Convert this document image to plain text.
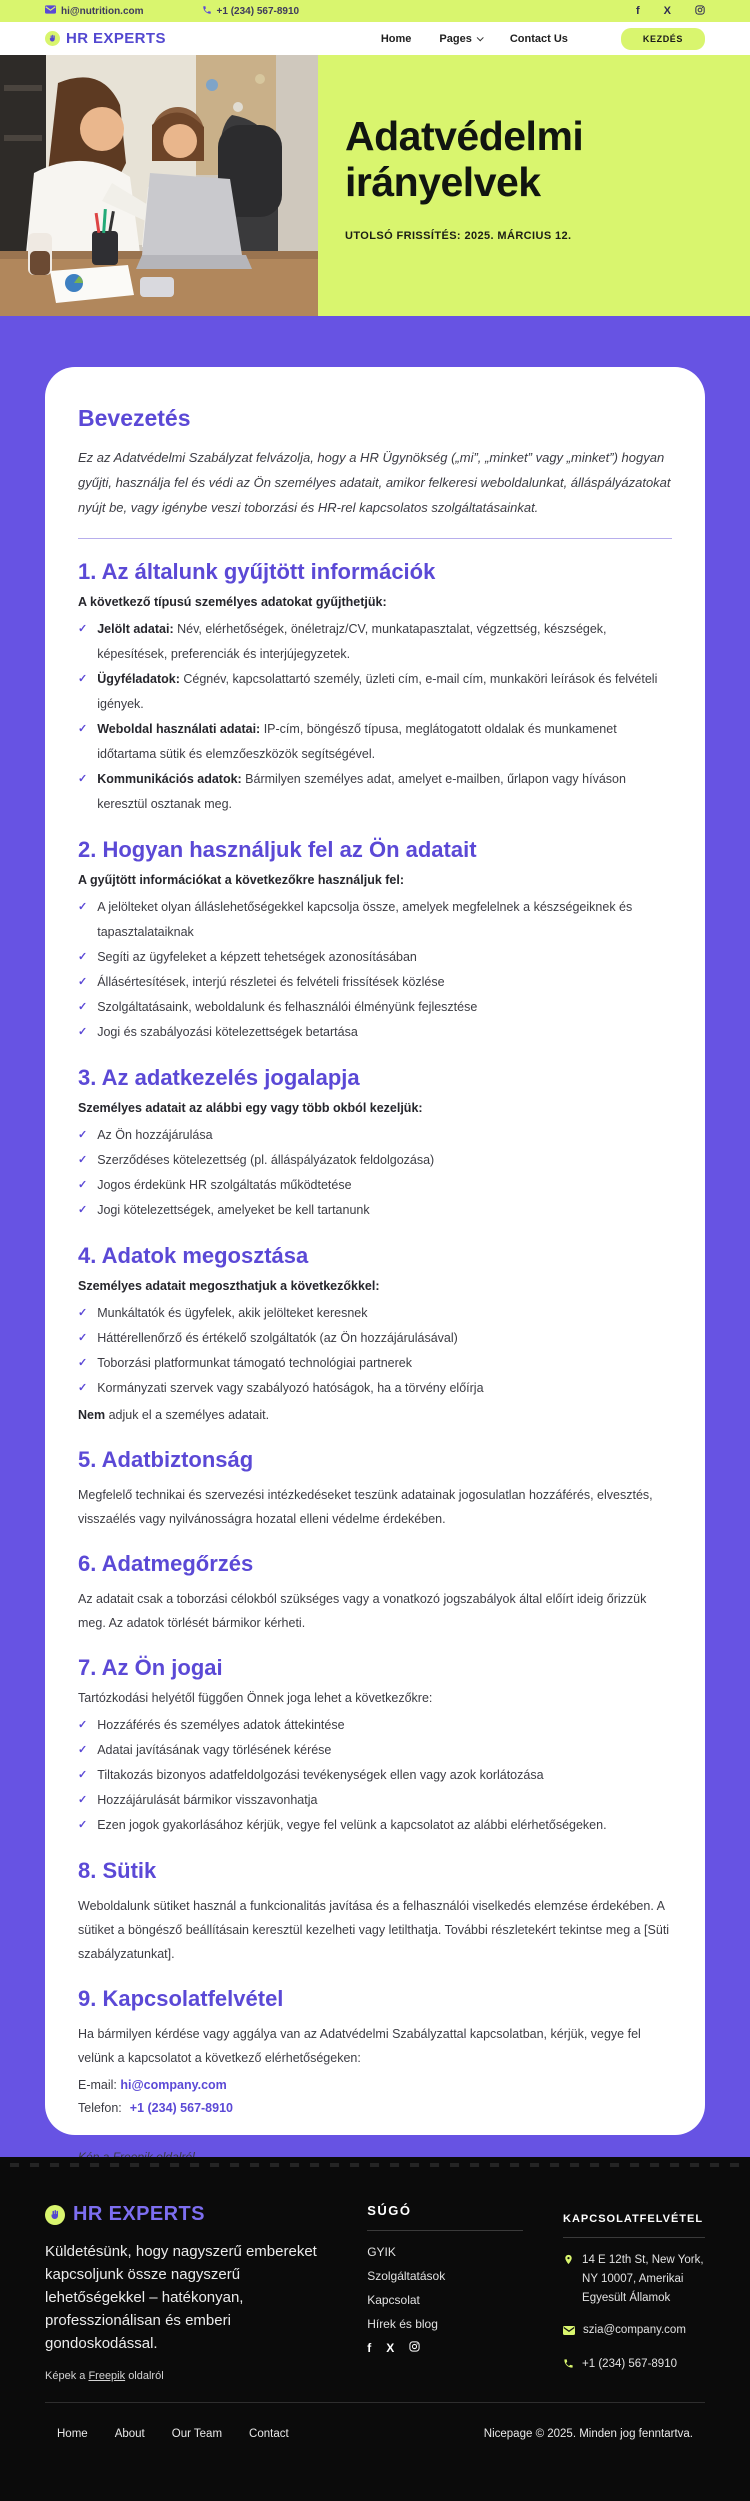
hi@nutrition.com	+1 (234) 567-8910	f X
HR EXPERTS	Home	Pages	Contact Us	KEZDÉS
Adatvédelmi
irányelvek
UTOLSÓ FRISSÍTÉS: 2025. MÁRCIUS 12.
Bevezetés

Ez az Adatvédelmi Szabályzat felvázolja, hogy a HR Ügynökség („mi”, „minket” vagy „minket”) hogyan gyűjti, használja fel és védi az Ön személyes adatait, amikor felkeresi weboldalunkat, álláspályázatokat nyújt be, vagy igénybe veszi toborzási és HR-rel kapcsolatos szolgáltatásainkat.

1. Az általunk gyűjtött információk

A következő típusú személyes adatokat gyűjthetjük:

✓ Jelölt adatai: Név, elérhetőségek, önéletrajz/CV, munkatapasztalat, végzettség, készségek, képesítések, preferenciák és interjújegyzetek.
✓ Ügyféladatok: Cégnév, kapcsolattartó személy, üzleti cím, e-mail cím, munkaköri leírások és felvételi igények.
✓ Weboldal használati adatai: IP-cím, böngésző típusa, meglátogatott oldalak és munkamenet időtartama sütik és elemzőeszközök segítségével.
✓ Kommunikációs adatok: Bármilyen személyes adat, amelyet e-mailben, űrlapon vagy híváson keresztül osztanak meg.
2. Hogyan használjuk fel az Ön adatait

A gyűjtött információkat a következőkre használjuk fel:

✓ A jelölteket olyan álláslehetőségekkel kapcsolja össze, amelyek megfelelnek a készségeiknek és tapasztalataiknak
✓ Segíti az ügyfeleket a képzett tehetségek azonosításában
✓ Állásértesítések, interjú részletei és felvételi frissítések közlése
✓ Szolgáltatásaink, weboldalunk és felhasználói élményünk fejlesztése
✓ Jogi és szabályozási kötelezettségek betartása
3. Az adatkezelés jogalapja

Személyes adatait az alábbi egy vagy több okból kezeljük:

✓ Az Ön hozzájárulása
✓ Szerződéses kötelezettség (pl. álláspályázatok feldolgozása)
✓ Jogos érdekünk HR szolgáltatás működtetése
✓ Jogi kötelezettségek, amelyeket be kell tartanunk
4. Adatok megosztása

Személyes adatait megoszthatjuk a következőkkel:

✓ Munkáltatók és ügyfelek, akik jelölteket keresnek
✓ Háttérellenőrző és értékelő szolgáltatók (az Ön hozzájárulásával)
✓ Toborzási platformunkat támogató technológiai partnerek
✓ Kormányzati szervek vagy szabályozó hatóságok, ha a törvény előírja

Nem adjuk el a személyes adatait.

5. Adatbiztonság

Megfelelő technikai és szervezési intézkedéseket teszünk adatainak jogosulatlan hozzáférés, elvesztés, visszaélés vagy nyilvánosságra hozatal elleni védelme érdekében.

6. Adatmegőrzés

Az adatait csak a toborzási célokból szükséges vagy a vonatkozó jogszabályok által előírt ideig őrizzük meg. Az adatok törlését bármikor kérheti.

7. Az Ön jogai

Tartózkodási helyétől függően Önnek joga lehet a következőkre:

✓ Hozzáférés és személyes adatok áttekintése
✓ Adatai javításának vagy törlésének kérése
✓ Tiltakozás bizonyos adatfeldolgozási tevékenységek ellen vagy azok korlátozása
✓ Hozzájárulását bármikor visszavonhatja
✓ Ezen jogok gyakorlásához kérjük, vegye fel velünk a kapcsolatot az alábbi elérhetőségeken.
8. Sütik

Weboldalunk sütiket használ a funkcionalitás javítása és a felhasználói viselkedés elemzése érdekében. A sütiket a böngésző beállításain keresztül kezelheti vagy letilthatja. További részletekért tekintse meg a [Süti szabályzatunkat].

9. Kapcsolatfelvétel

Ha bármilyen kérdése vagy aggálya van az Adatvédelmi Szabályzattal kapcsolatban, kérjük, vegye fel velünk a kapcsolatot a következő elérhetőségeken:

E-mail: hi@company.com

Telefon: +1 (234) 567-8910

HR EXPERTS

Küldetésünk, hogy nagyszerű embereket kapcsoljunk össze nagyszerű lehetőségekkel – hatékonyan, professzionálisan és emberi gondoskodással.

Képek a Freepik oldalról

SÚGÓ
GYIK
Szolgáltatások
Kapcsolat
Hírek és blog
f X
KAPCSOLATFELVÉTEL
14 E 12th St, New York, NY 10007, Amerikai Egyesült Államok
szia@company.com
+1 (234) 567-8910
Home About Our Team Contact	Nicepage © 2025. Minden jog fenntartva.
